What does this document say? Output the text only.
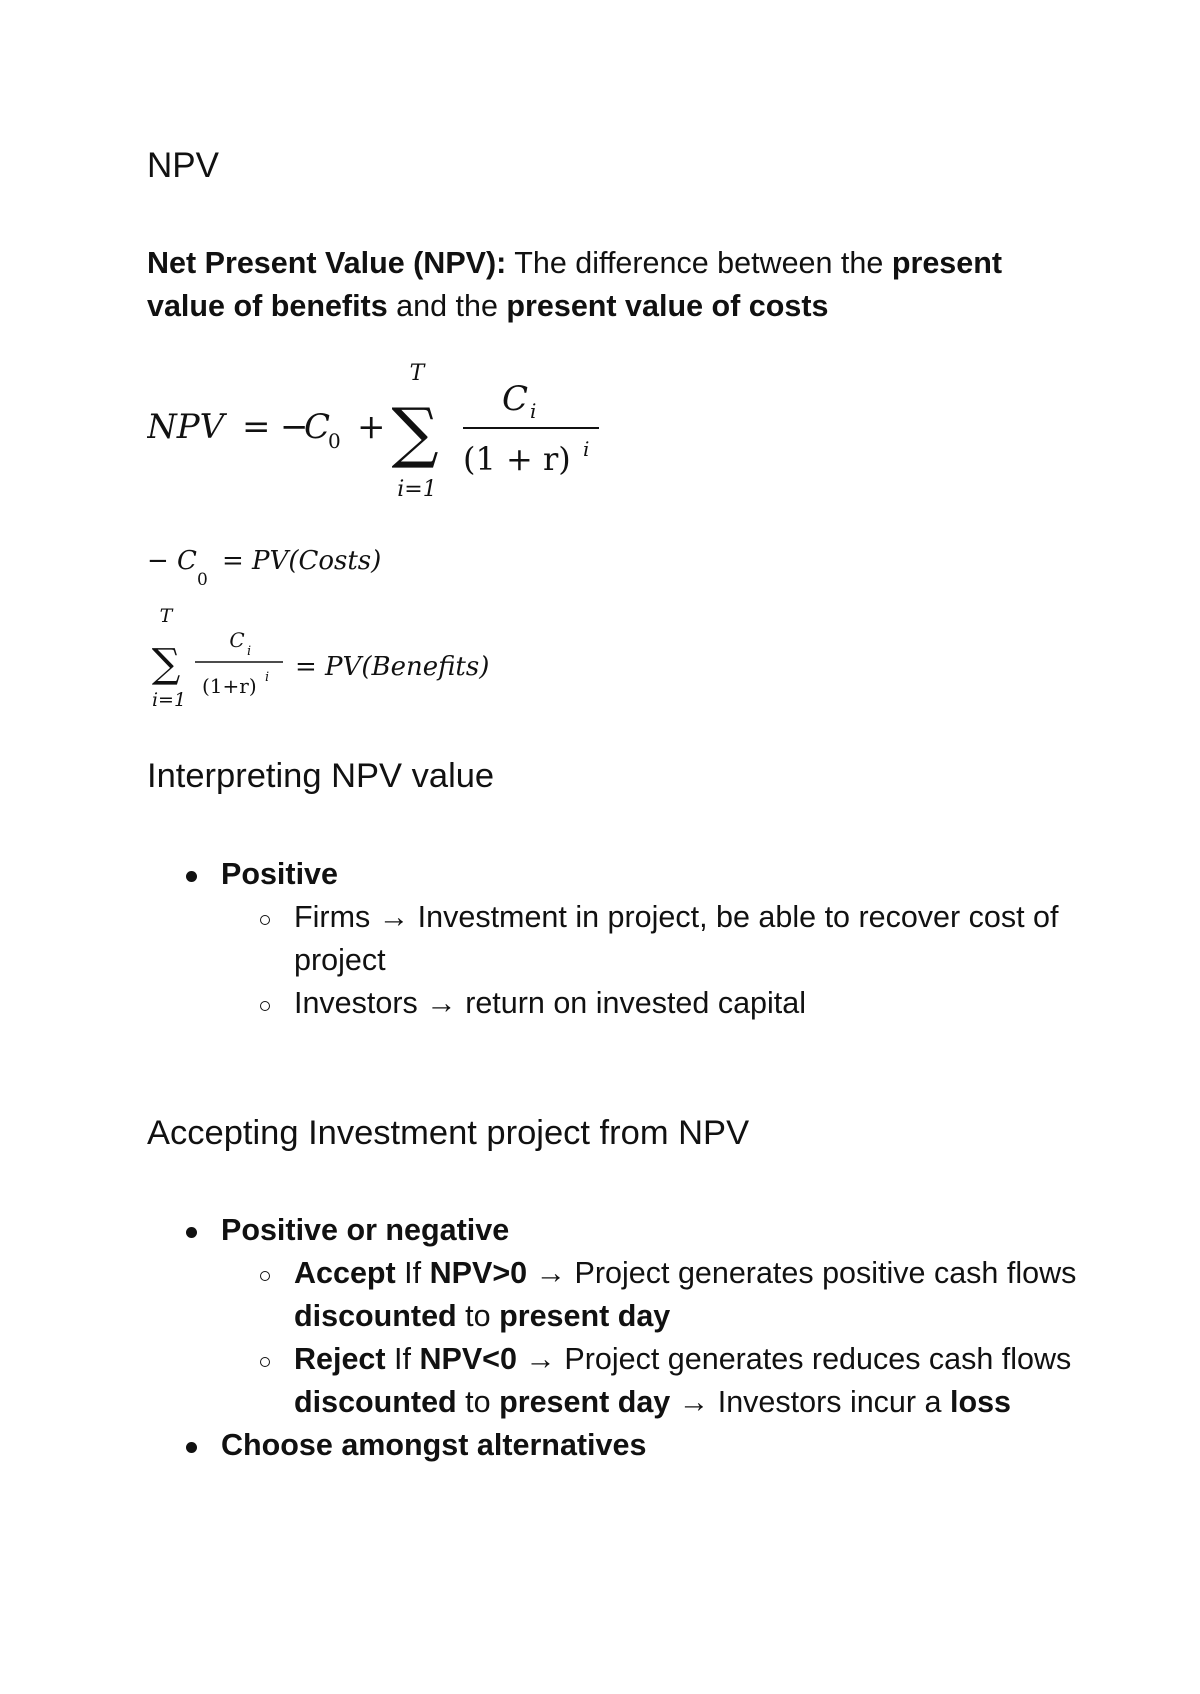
NPV
Net Present Value (NPV): The difference between the present value of benefits and the present value of costs
NPV = −
C
0 +
T
∑
i=1
C i
(1 + r) i
− C
0
= PV(Costs)
T
∑
i=1
C i
(1+r) i = PV(Benefits)
Interpreting NPV value
Positive
Firms → Investment in project, be able to recover cost of project
Investors → return on invested capital
Accepting Investment project from NPV
Positive or negative
Accept If NPV>0 → Project generates positive cash flows discounted to present day
Reject If NPV<0 → Project generates reduces cash flows discounted to present day → Investors incur a loss
Choose amongst alternatives
